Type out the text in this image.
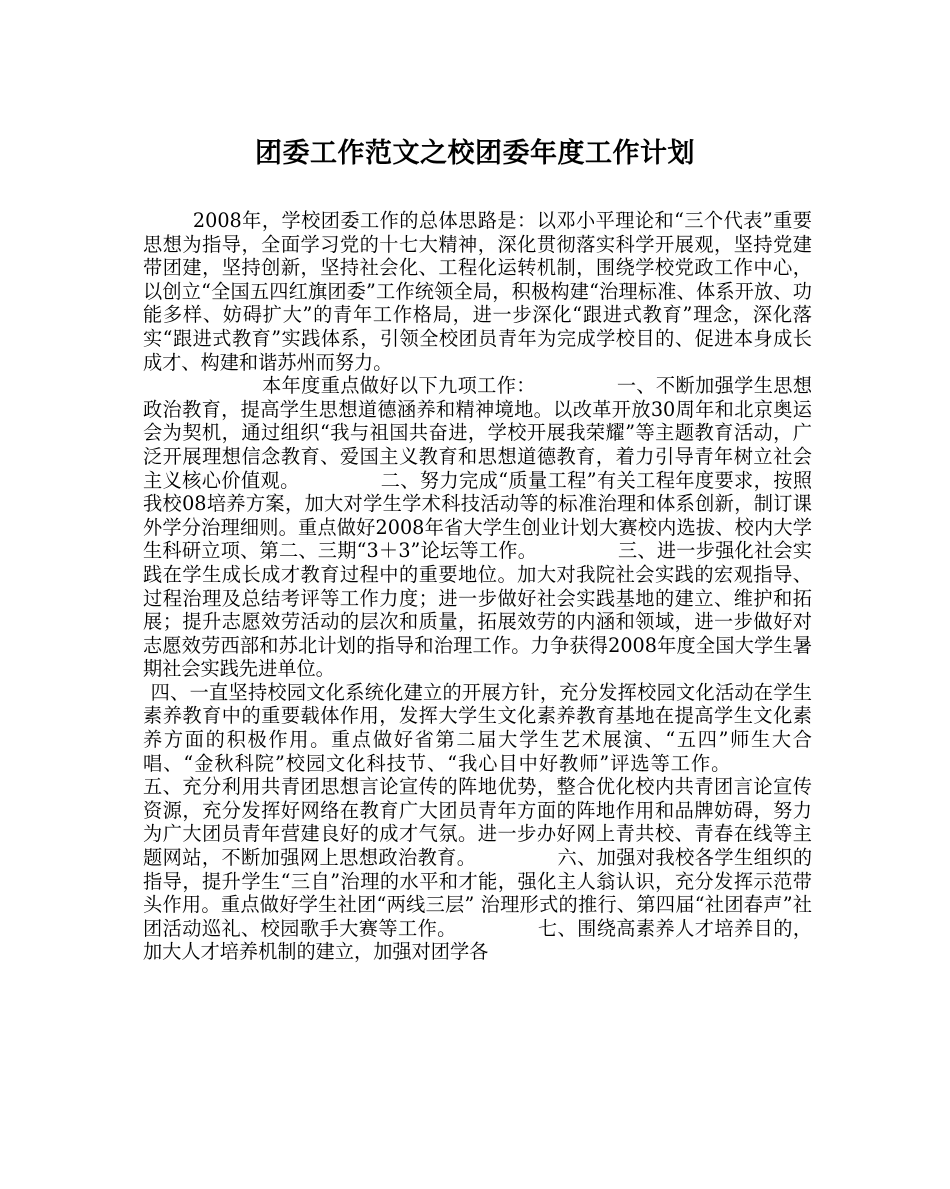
团委工作范文之校团委年度工作计划

2008年，学校团委工作的总体思路是：以邓小平理论和“三个代表”重要思想为指导，全面学习党的十七大精神，深化贯彻落实科学开展观，坚持党建带团建，坚持创新，坚持社会化、工程化运转机制，围绕学校党政工作中心，以创立“全国五四红旗团委”工作统领全局，积极构建“治理标准、体系开放、功能多样、妨碍扩大”的青年工作格局，进一步深化“跟进式教育”理念，深化落实“跟进式教育”实践体系，引领全校团员青年为完成学校目的、促进本身成长成才、构建和谐苏州而努力。

本年度重点做好以下九项工作：	一、不断加强学生思想政治教育，提高学生思想道德涵养和精神境地。以改革开放30周年和北京奥运会为契机，通过组织“我与祖国共奋进，学校开展我荣耀”等主题教育活动，广泛开展理想信念教育、爱国主义教育和思想道德教育，着力引导青年树立社会主义核心价值观。	二、努力完成“质量工程”有关工程年度要求，按照我校08培养方案，加大对学生学术科技活动等的标准治理和体系创新，制订课外学分治理细则。重点做好2008年省大学生创业计划大赛校内选拔、校内大学生科研立项、第二、三期“3＋3”论坛等工作。	三、进一步强化社会实践在学生成长成才教育过程中的重要地位。加大对我院社会实践的宏观指导、过程治理及总结考评等工作力度；进一步做好社会实践基地的建立、维护和拓展；提升志愿效劳活动的层次和质量，拓展效劳的内涵和领域，进一步做好对志愿效劳西部和苏北计划的指导和治理工作。力争获得2008年度全国大学生暑期社会实践先进单位。

四、一直坚持校园文化系统化建立的开展方针，充分发挥校园文化活动在学生素养教育中的重要载体作用，发挥大学生文化素养教育基地在提高学生文化素养方面的积极作用。重点做好省第二届大学生艺术展演、“五四”师生大合唱、“金秋科院”校园文化科技节、“我心目中好教师”评选等工作。五、充分利用共青团思想言论宣传的阵地优势，整合优化校内共青团言论宣传资源，充分发挥好网络在教育广大团员青年方面的阵地作用和品牌妨碍，努力为广大团员青年营建良好的成才气氛。进一步办好网上青共校、青春在线等主题网站，不断加强网上思想政治教育。	六、加强对我校各学生组织的指导，提升学生“三自”治理的水平和才能，强化主人翁认识，充分发挥示范带头作用。重点做好学生社团“两线三层” 治理形式的推行、第四届“社团春声”社团活动巡礼、校园歌手大赛等工作。	七、围绕高素养人才培养目的，加大人才培养机制的建立，加强对团学各
